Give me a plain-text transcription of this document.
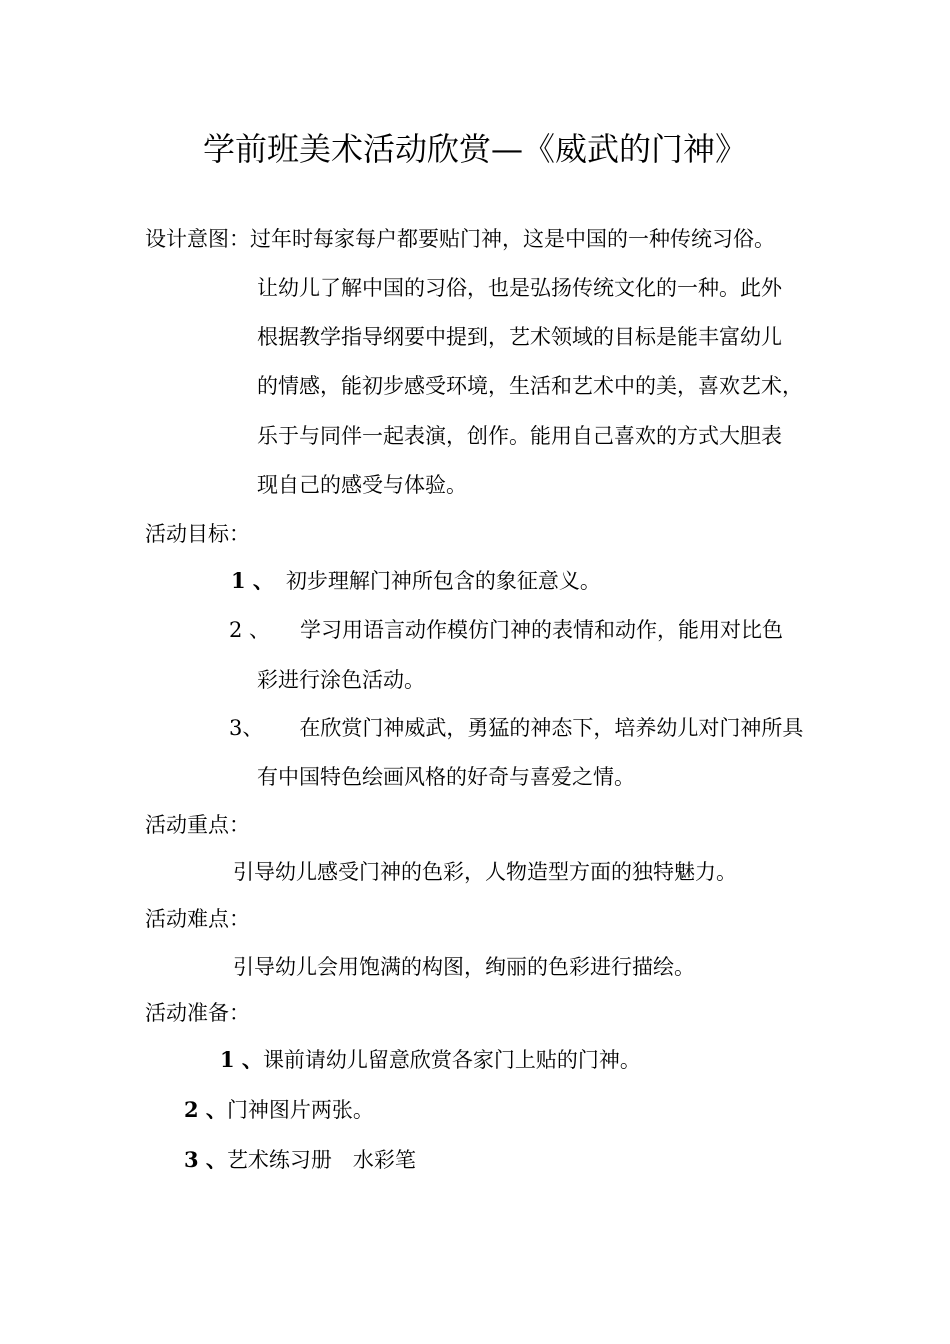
学前班美术活动欣赏—《威武的门神》
设计意图：过年时每家每户都要贴门神，这是中国的一种传统习俗。
让幼儿了解中国的习俗，也是弘扬传统文化的一种。此外
根据教学指导纲要中提到，艺术领域的目标是能丰富幼儿
的情感，能初步感受环境，生活和艺术中的美，喜欢艺术，
乐于与同伴一起表演，创作。能用自己喜欢的方式大胆表
现自己的感受与体验。
活动目标：
1 、 初步理解门神所包含的象征意义。
2 、 学习用语言动作模仿门神的表情和动作，能用对比色
彩进行涂色活动。
3、 在欣赏门神威武，勇猛的神态下，培养幼儿对门神所具
有中国特色绘画风格的好奇与喜爱之情。
活动重点：
引导幼儿感受门神的色彩，人物造型方面的独特魅力。
活动难点：
引导幼儿会用饱满的构图，绚丽的色彩进行描绘。
活动准备：
1 、课前请幼儿留意欣赏各家门上贴的门神。
2 、门神图片两张。
3 、艺术练习册　水彩笔
